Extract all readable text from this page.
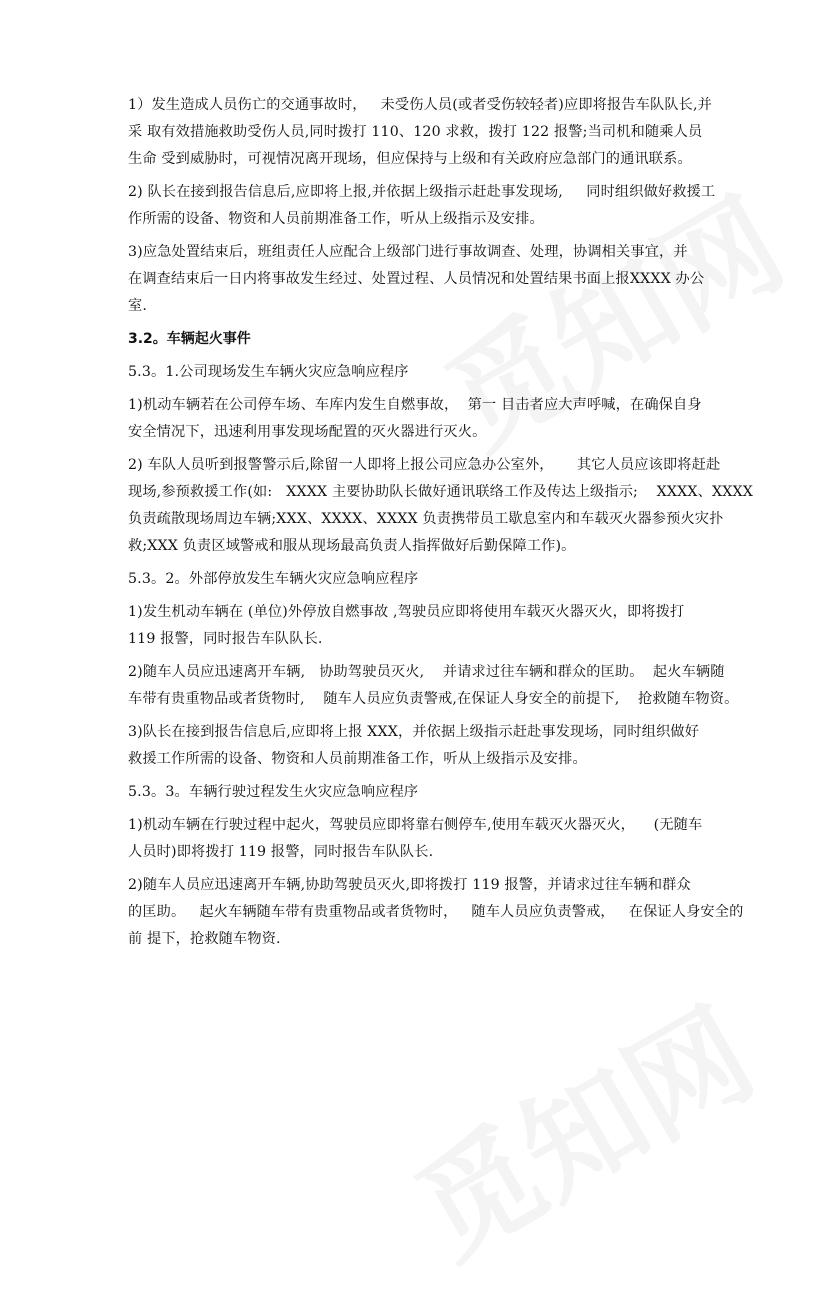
1）发生造成人员伤亡的交通事故时，   未受伤人员(或者受伤较轻者)应即将报告车队队长,并
采 取有效措施救助受伤人员,同时拨打 110、120 求救，拨打 122 报警;当司机和随乘人员
生命 受到威胁时，可视情况离开现场，但应保持与上级和有关政府应急部门的通讯联系。
2) 队长在接到报告信息后,应即将上报,并依据上级指示赶赴事发现场,     同时组织做好救援工
作所需的设备、物资和人员前期准备工作，听从上级指示及安排。
3)应急处置结束后，班组责任人应配合上级部门进行事故调查、处理，协调相关事宜，并
在调查结束后一日内将事故发生经过、处置过程、人员情况和处置结果书面上报XXXX 办公
室.
3.2。车辆起火事件
5.3。1.公司现场发生车辆火灾应急响应程序
1)机动车辆若在公司停车场、车库内发生自燃事故，  第一 目击者应大声呼喊，在确保自身
安全情况下，迅速利用事发现场配置的灭火器进行灭火。
2) 车队人员听到报警警示后,除留一人即将上报公司应急办公室外，     其它人员应该即将赶赴
现场,参预救援工作(如:   XXXX 主要协助队长做好通讯联络工作及传达上级指示;    XXXX、XXXX
负责疏散现场周边车辆;XXX、XXXX、XXXX 负责携带员工歇息室内和车载灭火器参预火灾扑
救;XXX 负责区域警戒和服从现场最高负责人指挥做好后勤保障工作)。
5.3。2。外部停放发生车辆火灾应急响应程序
1)发生机动车辆在 (单位)外停放自燃事故 ,驾驶员应即将使用车载灭火器灭火，即将拨打
119 报警，同时报告车队队长.
2)随车人员应迅速离开车辆,   协助驾驶员灭火,    并请求过往车辆和群众的匡助。  起火车辆随
车带有贵重物品或者货物时,    随车人员应负责警戒,在保证人身安全的前提下,    抢救随车物资。
3)队长在接到报告信息后,应即将上报 XXX，并依据上级指示赶赴事发现场，同时组织做好
救援工作所需的设备、物资和人员前期准备工作，听从上级指示及安排。
5.3。3。车辆行驶过程发生火灾应急响应程序
1)机动车辆在行驶过程中起火，驾驶员应即将靠右侧停车,使用车载灭火器灭火，    (无随车
人员时)即将拨打 119 报警，同时报告车队队长.
2)随车人员应迅速离开车辆,协助驾驶员灭火,即将拨打 119 报警，并请求过往车辆和群众
的匡助。   起火车辆随车带有贵重物品或者货物时，   随车人员应负责警戒，   在保证人身安全的
前 提下，抢救随车物资.
